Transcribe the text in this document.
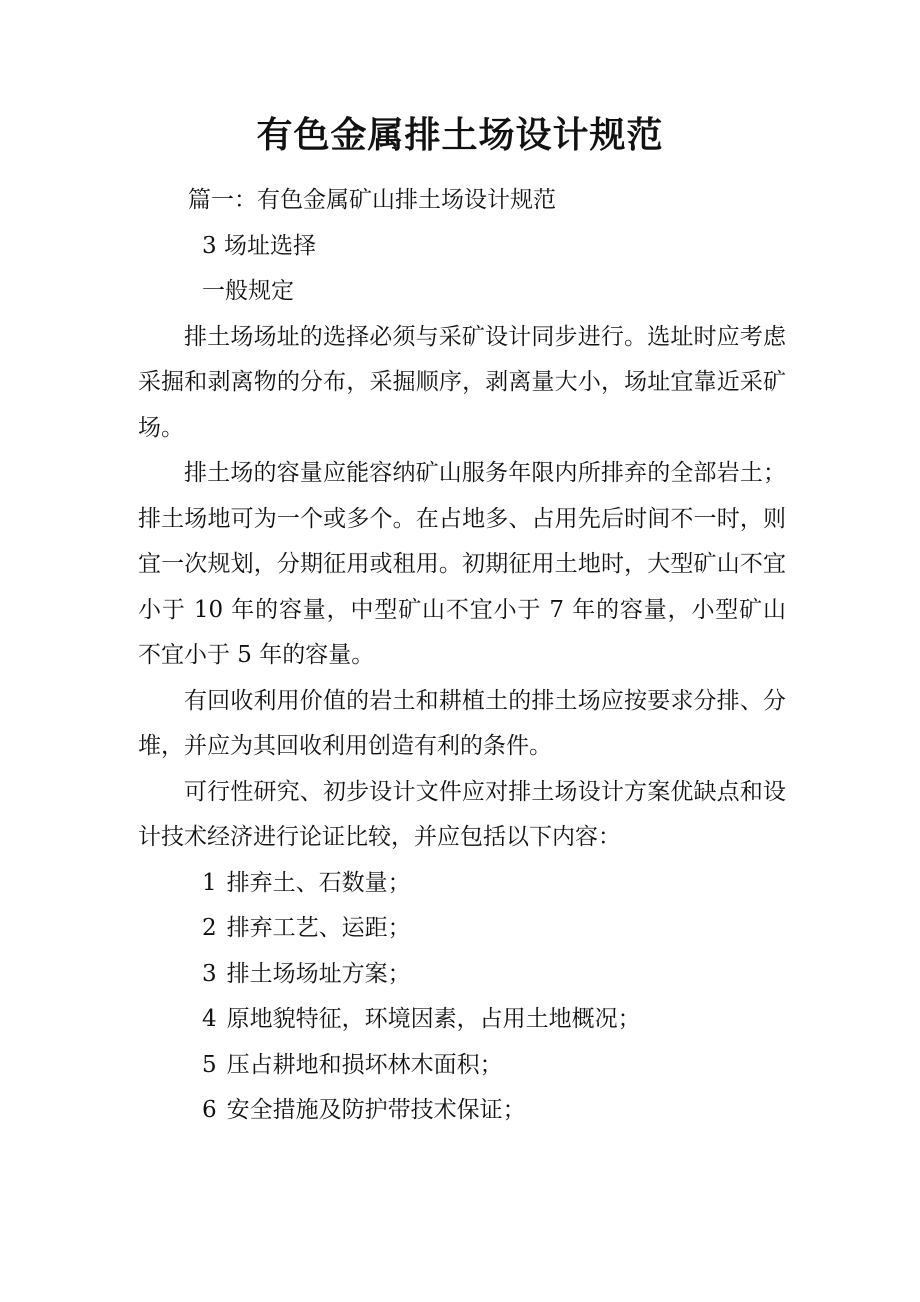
有色金属排土场设计规范

篇一：有色金属矿山排土场设计规范

3 场址选择

一般规定

排土场场址的选择必须与采矿设计同步进行。选址时应考虑采掘和剥离物的分布，采掘顺序，剥离量大小，场址宜靠近采矿场。

排土场的容量应能容纳矿山服务年限内所排弃的全部岩土；排土场地可为一个或多个。在占地多、占用先后时间不一时，则宜一次规划，分期征用或租用。初期征用土地时，大型矿山不宜小于 10 年的容量，中型矿山不宜小于 7 年的容量，小型矿山不宜小于 5 年的容量。

有回收利用价值的岩土和耕植土的排土场应按要求分排、分堆，并应为其回收利用创造有利的条件。

可行性研究、初步设计文件应对排土场设计方案优缺点和设计技术经济进行论证比较，并应包括以下内容：

1 排弃土、石数量；

2 排弃工艺、运距；

3 排土场场址方案；

4 原地貌特征，环境因素，占用土地概况；

5 压占耕地和损坏林木面积；

6 安全措施及防护带技术保证；
